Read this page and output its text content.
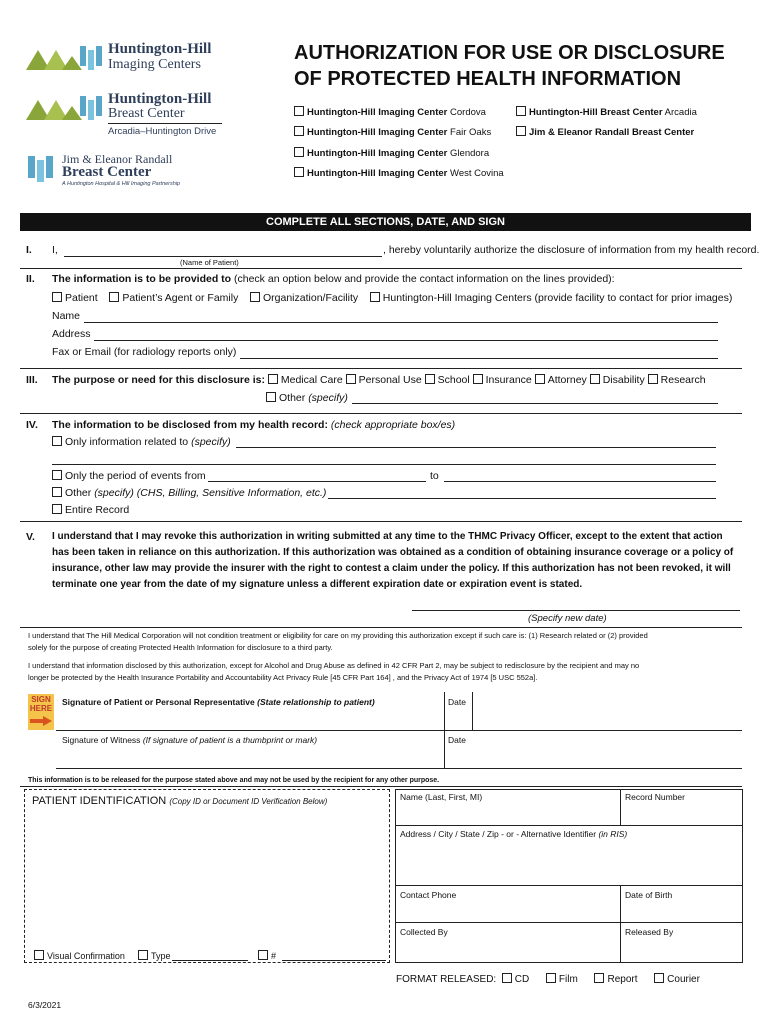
Huntington-Hill
Imaging Centers
Huntington-Hill
Breast Center
Arcadia–Huntington Drive
Jim & Eleanor Randall
Breast Center
A Huntington Hospital & Hill Imaging Partnership
AUTHORIZATION FOR USE OR DISCLOSURE
OF PROTECTED HEALTH INFORMATION
Huntington-Hill Imaging Center Cordova	Huntington-Hill Breast Center Arcadia
Huntington-Hill Imaging Center Fair Oaks	Jim & Eleanor Randall Breast Center
Huntington-Hill Imaging Center Glendora
Huntington-Hill Imaging Center West Covina
COMPLETE ALL SECTIONS, DATE, AND SIGN
I. I,
(Name of Patient)
, hereby voluntarily authorize the disclosure of information from my health record.
II. The information is to be provided to (check an option below and provide the contact information on the lines provided):
Patient Patient’s Agent or Family Organization/Facility Huntington-Hill Imaging Centers (provide facility to contact for prior images)
Name
Address
Fax or Email (for radiology reports only)
III. The purpose or need for this disclosure is: Medical Care Personal Use School Insurance Attorney Disability Research
Other (specify)
IV. The information to be disclosed from my health record: (check appropriate box/es)
Only information related to (specify)
Only the period of events from	to
Other (specify) (CHS, Billing, Sensitive Information, etc.)
Entire Record
V. I understand that I may revoke this authorization in writing submitted at any time to the THMC Privacy Officer, except to the extent that action
has been taken in reliance on this authorization. If this authorization was obtained as a condition of obtaining insurance coverage or a policy of
insurance, other law may provide the insurer with the right to contest a claim under the policy. If this authorization has not been revoked, it will
terminate one year from the date of my signature unless a different expiration date or expiration event is stated.
(Specify new date)
I understand that The Hill Medical Corporation will not condition treatment or eligibility for care on my providing this authorization except if such care is: (1) Research related or (2) provided
solely for the purpose of creating Protected Health Information for disclosure to a third party.
I understand that information disclosed by this authorization, except for Alcohol and Drug Abuse as defined in 42 CFR Part 2, may be subject to redisclosure by the recipient and may no
longer be protected by the Health Insurance Portability and Accountability Act Privacy Rule [45 CFR Part 164] , and the Privacy Act of 1974 [5 USC 552a].
SIGN
HERE
Signature of Patient or Personal Representative (State relationship to patient)	Date
Signature of Witness (If signature of patient is a thumbprint or mark)	Date
This information is to be released for the purpose stated above and may not be used by the recipient for any other purpose.
PATIENT IDENTIFICATION (Copy ID or Document ID Verification Below)
Visual Confirmation	Type	#
Name (Last, First, MI)	Record Number
Address / City / State / Zip - or - Alternative Identifier (in RIS)
Contact Phone	Date of Birth
Collected By	Released By
FORMAT RELEASED: CD	Film	Report	Courier
6/3/2021
